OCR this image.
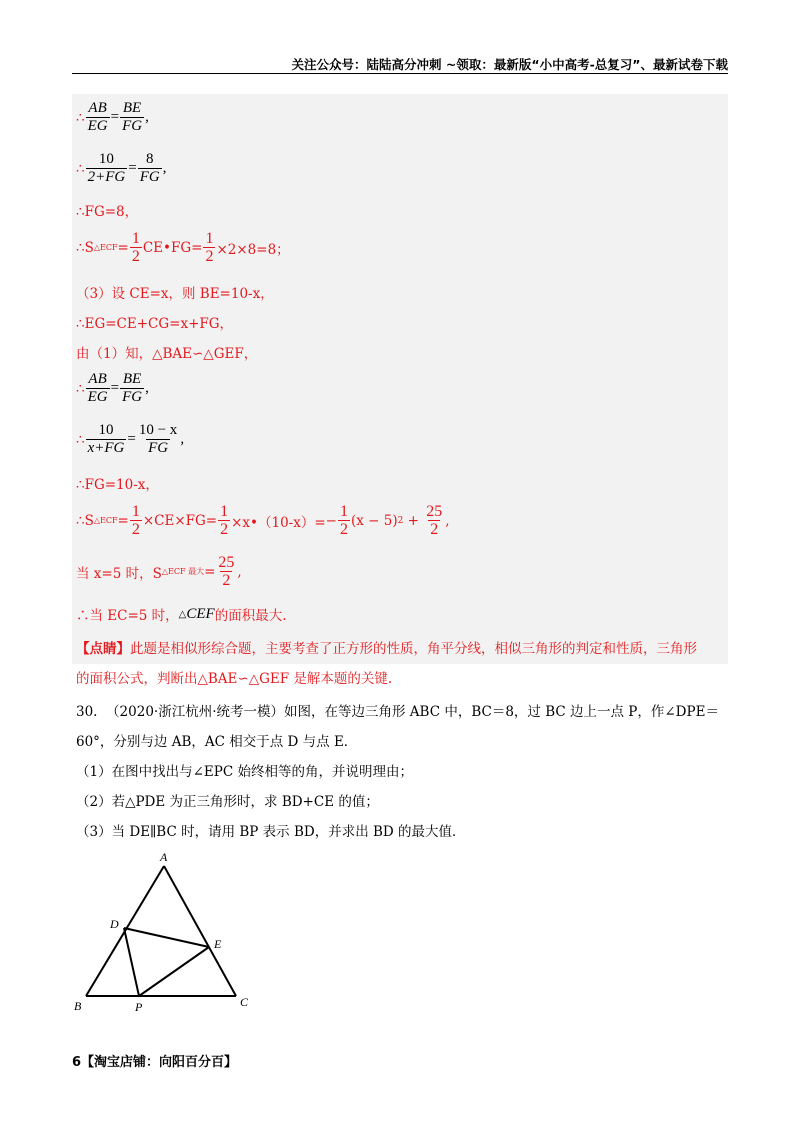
关注公众号：陆陆高分冲刺 ~领取：最新版“小中高考-总复习”、最新试卷下载
∴ $\frac{AB}{EG} = \frac{BE}{FG}$ ,
∴ $\frac{10}{2+FG} = \frac{8}{FG}$ ,
∴FG=8，
∴S △ECF = $\frac{1}{2}$ CE•FG= $\frac{1}{2} \times 2\times 8=8$；
（3）设 CE=x，则 BE=10-x，
∴EG=CE+CG=x+FG，
由（1）知，△BAE∽△GEF，
∴ $\frac{AB}{EG} = \frac{BE}{FG}$ ,
∴ $\frac{10}{x+FG} = \frac{10 - x}{FG}$ ,
∴FG=10-x，
∴S △ECF = $\frac{1}{2} \times CE\times FG= \frac{1}{2}$ ×x•（10-x）= − $\frac{1}{2} (x - 5) 2 + \frac{25}{2}$ ,
当 x=5 时，S △ECF 最大 = $\frac{25}{2}$ ,
∴当 EC=5 时， △ CEF 的面积最大.
【点睛】 此题是相似形综合题，主要考查了正方形的性质，角平分线，相似三角形的判定和性质，三角形
的面积公式，判断出△BAE∽△GEF 是解本题的关键.
30.  （2020·浙江杭州·统考一模）如图，在等边三角形 ABC 中，BC＝8，过 BC 边上一点 P，作∠DPE＝
60°，分别与边 AB，AC 相交于点 D 与点 E．
（1）在图中找出与∠EPC 始终相等的角，并说明理由；
（2）若△PDE 为正三角形时，求 BD+CE 的值；
（3）当 DE∥BC 时，请用 BP 表示 BD，并求出 BD 的最大值．
A
D
E
B	P	C
6【淘宝店铺：向阳百分百】
